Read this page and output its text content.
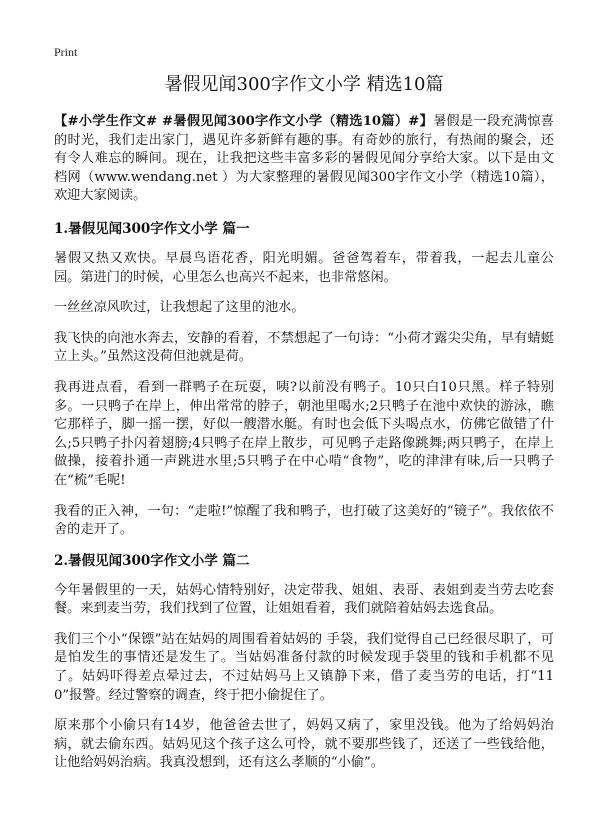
Print
暑假见闻300字作文小学 精选10篇

【#小学生作文# #暑假见闻300字作文小学（精选10篇）#】暑假是一段充满惊喜的时光，我们走出家门，遇见许多新鲜有趣的事。有奇妙的旅行，有热闹的聚会，还有令人难忘的瞬间。现在，让我把这些丰富多彩的暑假见闻分享给大家。以下是由文档网（www.wendang.net ）为大家整理的暑假见闻300字作文小学（精选10篇），欢迎大家阅读。

1.暑假见闻300字作文小学 篇一

暑假又热又欢快。早晨鸟语花香，阳光明媚。爸爸驾着车，带着我，一起去儿童公园。第进门的时候，心里怎么也高兴不起来，也非常悠闲。

一丝丝凉风吹过，让我想起了这里的池水。

我飞快的向池水奔去，安静的看着，不禁想起了一句诗：“小荷才露尖尖角，早有蜻蜓立上头。”虽然这没荷但池就是荷。

我再进点看，看到一群鸭子在玩耍，咦?以前没有鸭子。10只白10只黑。样子特别多。一只鸭子在岸上，伸出常常的脖子，朝池里喝水;2只鸭子在池中欢快的游泳，瞧它那样子，脚一摇一摆，好似一艘潜水艇。有时也会低下头喝点水，仿佛它做错了什么;5只鸭子扑闪着翅膀;4只鸭子在岸上散步，可见鸭子走路像跳舞;两只鸭子，在岸上做操，接着扑通一声跳进水里;5只鸭子在中心啃“食物”，吃的津津有味,后一只鸭子在“梳”毛呢!

我看的正入神，一句：“走啦!”惊醒了我和鸭子，也打破了这美好的“镜子”。我依依不舍的走开了。

2.暑假见闻300字作文小学 篇二

今年暑假里的一天，姑妈心情特别好，决定带我、姐姐、表哥、表姐到麦当劳去吃套餐。来到麦当劳，我们找到了位置，让姐姐看着，我们就陪着姑妈去选食品。

我们三个小“保镖”站在姑妈的周围看着姑妈的 手袋，我们觉得自己已经很尽职了，可是怕发生的事情还是发生了。当姑妈准备付款的时候发现手袋里的钱和手机都不见了。姑妈吓得差点晕过去，不过姑妈马上又镇静下来，借了麦当劳的电话，打“110”报警。经过警察的调查，终于把小偷捉住了。

原来那个小偷只有14岁，他爸爸去世了，妈妈又病了，家里没钱。他为了给妈妈治病，就去偷东西。姑妈见这个孩子这么可怜，就不要那些钱了，还送了一些钱给他，让他给妈妈治病。我真没想到，还有这么孝顺的“小偷”。
